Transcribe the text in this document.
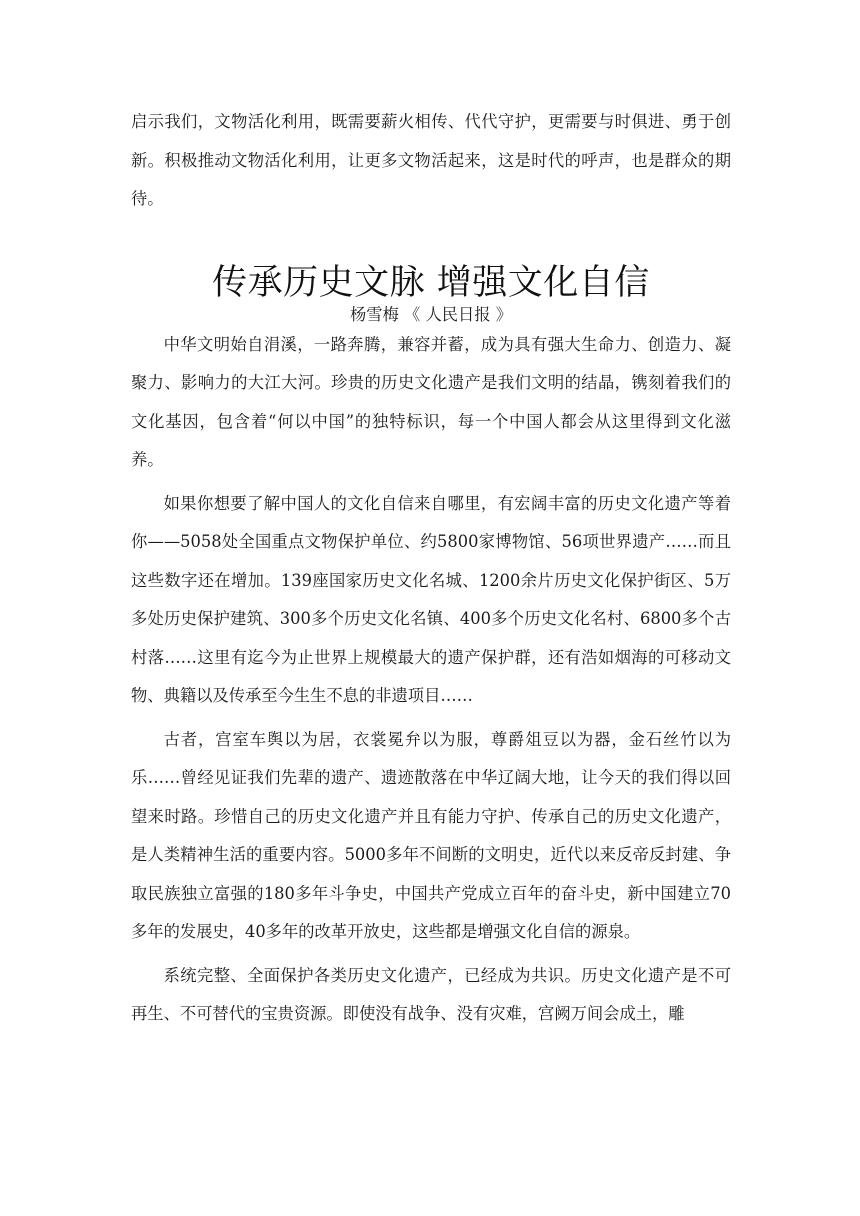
启示我们，文物活化利用，既需要薪火相传、代代守护，更需要与时俱进、勇于创新。积极推动文物活化利用，让更多文物活起来，这是时代的呼声，也是群众的期待。

传承历史文脉 增强文化自信

杨雪梅 《 人民日报 》

中华文明始自涓溪，一路奔腾，兼容并蓄，成为具有强大生命力、创造力、凝聚力、影响力的大江大河。珍贵的历史文化遗产是我们文明的结晶，镌刻着我们的文化基因，包含着“何以中国”的独特标识，每一个中国人都会从这里得到文化滋养。

如果你想要了解中国人的文化自信来自哪里，有宏阔丰富的历史文化遗产等着你——5058处全国重点文物保护单位、约5800家博物馆、56项世界遗产……而且这些数字还在增加。139座国家历史文化名城、1200余片历史文化保护街区、5万多处历史保护建筑、300多个历史文化名镇、400多个历史文化名村、6800多个古村落……这里有迄今为止世界上规模最大的遗产保护群，还有浩如烟海的可移动文物、典籍以及传承至今生生不息的非遗项目……

古者，宫室车舆以为居，衣裳冕弁以为服，尊爵俎豆以为器，金石丝竹以为乐……曾经见证我们先辈的遗产、遗迹散落在中华辽阔大地，让今天的我们得以回望来时路。珍惜自己的历史文化遗产并且有能力守护、传承自己的历史文化遗产，是人类精神生活的重要内容。5000多年不间断的文明史，近代以来反帝反封建、争取民族独立富强的180多年斗争史，中国共产党成立百年的奋斗史，新中国建立70多年的发展史，40多年的改革开放史，这些都是增强文化自信的源泉。

系统完整、全面保护各类历史文化遗产，已经成为共识。历史文化遗产是不可再生、不可替代的宝贵资源。即使没有战争、没有灾难，宫阙万间会成土，雕
